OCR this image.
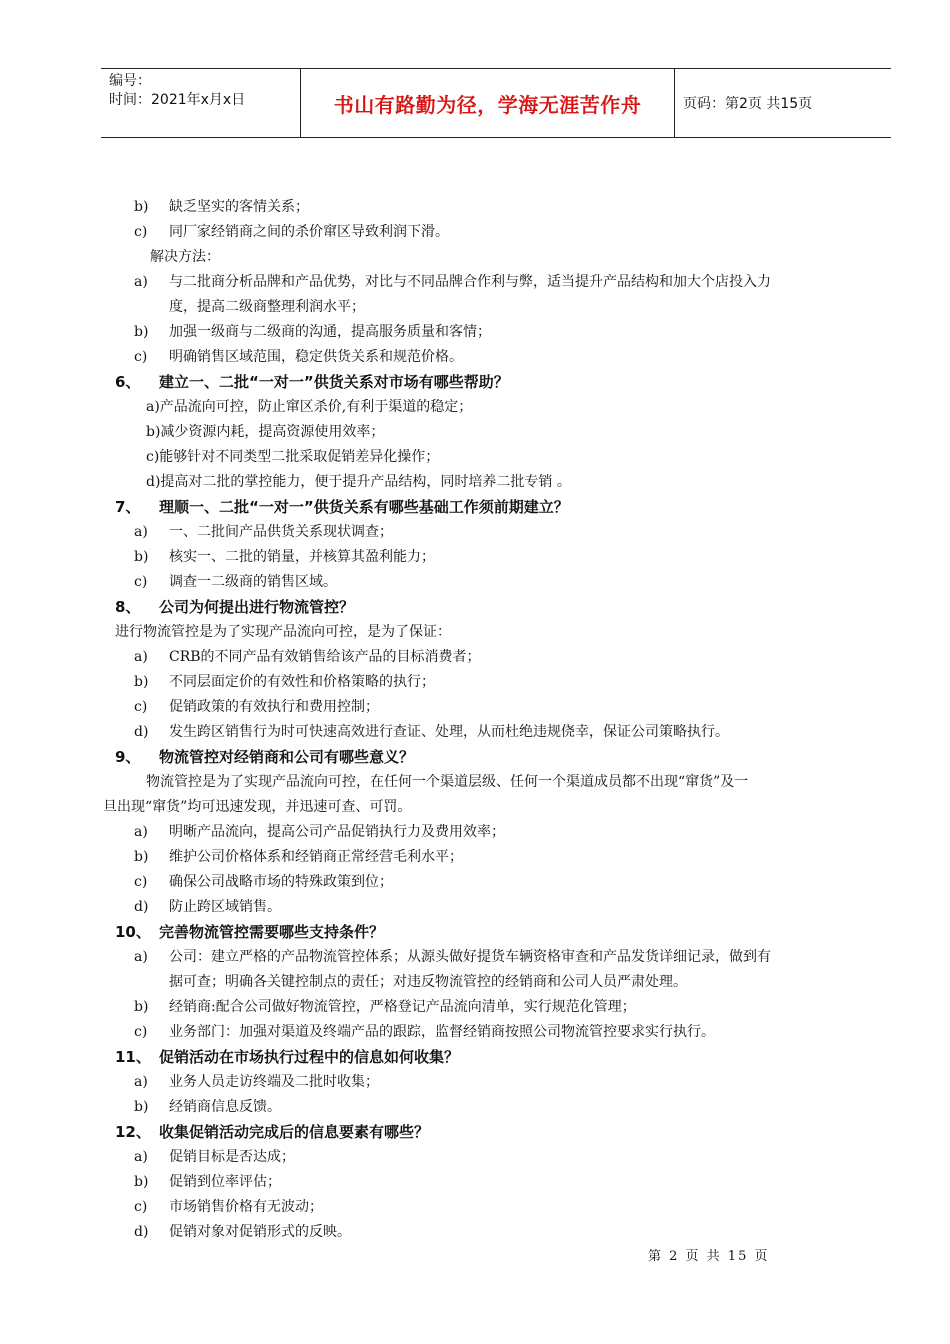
编号：
时间：2021年x月x日	书山有路勤为径，学海无涯苦作舟	页码：第2页 共15页
b) 缺乏坚实的客情关系；
c) 同厂家经销商之间的杀价窜区导致利润下滑。
解决方法：
a) 与二批商分析品牌和产品优势，对比与不同品牌合作利与弊，适当提升产品结构和加大个店投入力
度，提高二级商整理利润水平；
b) 加强一级商与二级商的沟通，提高服务质量和客情；
c) 明确销售区域范围，稳定供货关系和规范价格。
6、 建立一、二批“一对一”供货关系对市场有哪些帮助？
a)产品流向可控，防止窜区杀价,有利于渠道的稳定；
b)减少资源内耗，提高资源使用效率；
c)能够针对不同类型二批采取促销差异化操作；
d)提高对二批的掌控能力，便于提升产品结构，同时培养二批专销 。
7、 理顺一、二批“一对一”供货关系有哪些基础工作须前期建立？
a) 一、二批间产品供货关系现状调查；
b) 核实一、二批的销量，并核算其盈利能力；
c) 调查一二级商的销售区域。
8、 公司为何提出进行物流管控？
进行物流管控是为了实现产品流向可控，是为了保证：
a) CRB的不同产品有效销售给该产品的目标消费者；
b) 不同层面定价的有效性和价格策略的执行；
c) 促销政策的有效执行和费用控制；
d) 发生跨区销售行为时可快速高效进行查证、处理，从而杜绝违规侥幸，保证公司策略执行。
9、 物流管控对经销商和公司有哪些意义？
物流管控是为了实现产品流向可控，在任何一个渠道层级、任何一个渠道成员都不出现“窜货”及一
旦出现“窜货”均可迅速发现，并迅速可查、可罚。
a) 明晰产品流向，提高公司产品促销执行力及费用效率；
b) 维护公司价格体系和经销商正常经营毛利水平；
c) 确保公司战略市场的特殊政策到位；
d) 防止跨区域销售。
10、 完善物流管控需要哪些支持条件？
a) 公司：建立严格的产品物流管控体系；从源头做好提货车辆资格审查和产品发货详细记录，做到有
据可查；明确各关键控制点的责任；对违反物流管控的经销商和公司人员严肃处理。
b) 经销商:配合公司做好物流管控，严格登记产品流向清单，实行规范化管理；
c) 业务部门：加强对渠道及终端产品的跟踪，监督经销商按照公司物流管控要求实行执行。
11、 促销活动在市场执行过程中的信息如何收集？
a) 业务人员走访终端及二批时收集；
b) 经销商信息反馈。
12、 收集促销活动完成后的信息要素有哪些？
a) 促销目标是否达成；
b) 促销到位率评估；
c) 市场销售价格有无波动；
d) 促销对象对促销形式的反映。
第 2 页 共 15 页
